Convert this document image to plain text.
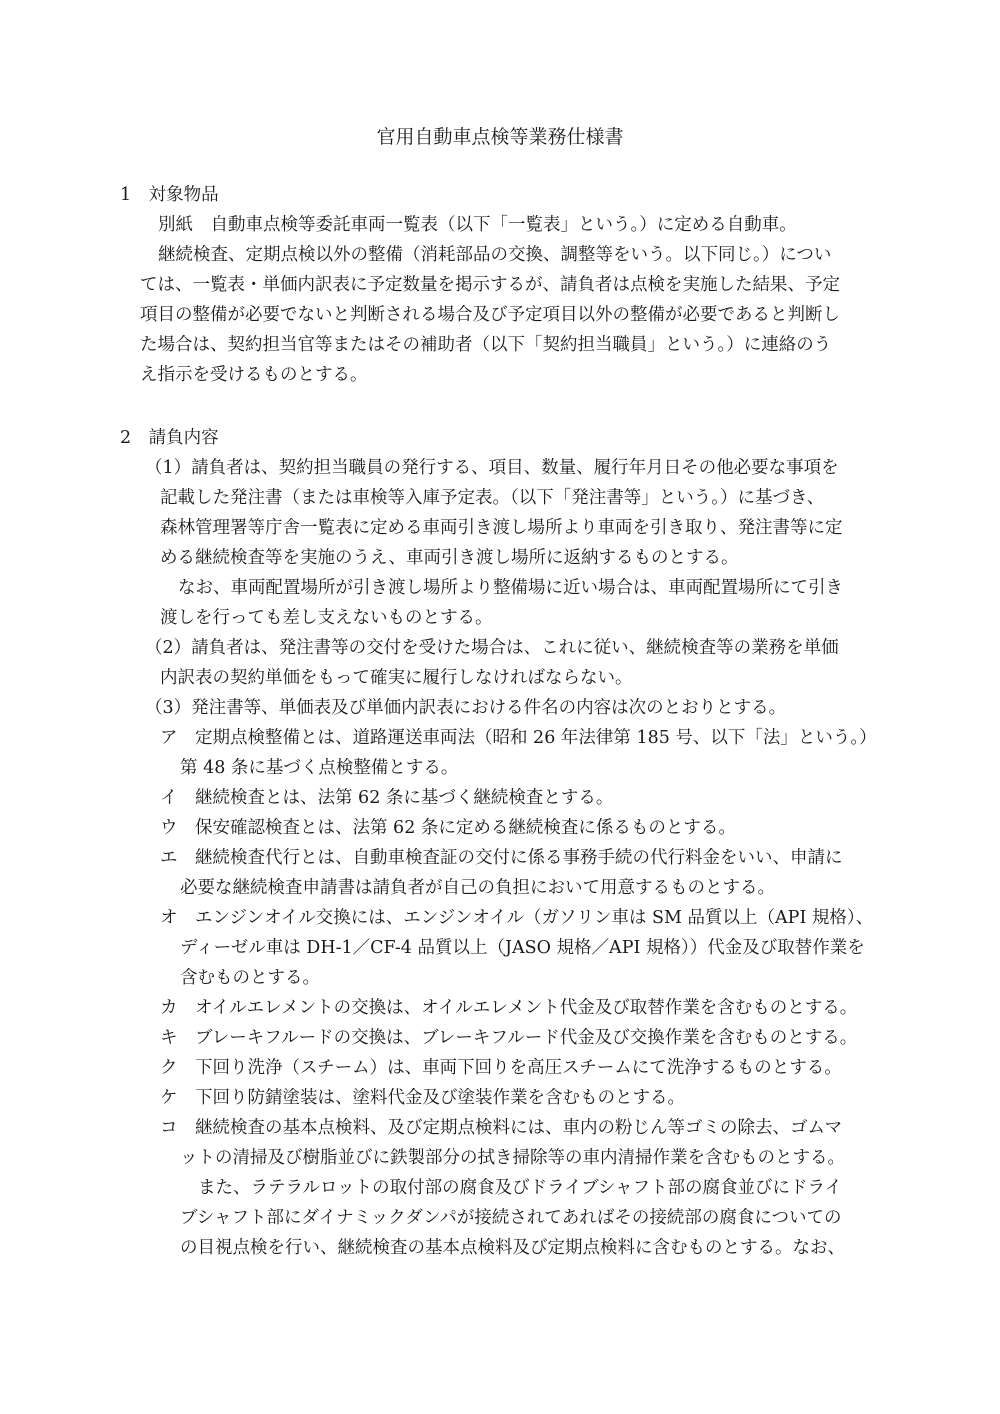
官用自動車点検等業務仕様書
1　対象物品
別紙　自動車点検等委託車両一覧表（以下「一覧表」という。）に定める自動車。
継続検査、定期点検以外の整備（消耗部品の交換、調整等をいう。以下同じ。）につい
ては、一覧表・単価内訳表に予定数量を掲示するが、請負者は点検を実施した結果、予定
項目の整備が必要でないと判断される場合及び予定項目以外の整備が必要であると判断し
た場合は、契約担当官等またはその補助者（以下「契約担当職員」という。）に連絡のう
え指示を受けるものとする。
2　請負内容
（1）請負者は、契約担当職員の発行する、項目、数量、履行年月日その他必要な事項を
記載した発注書（または車検等入庫予定表。（以下「発注書等」という。）に基づき、
森林管理署等庁舎一覧表に定める車両引き渡し場所より車両を引き取り、発注書等に定
める継続検査等を実施のうえ、車両引き渡し場所に返納するものとする。
なお、車両配置場所が引き渡し場所より整備場に近い場合は、車両配置場所にて引き
渡しを行っても差し支えないものとする。
（2）請負者は、発注書等の交付を受けた場合は、これに従い、継続検査等の業務を単価
内訳表の契約単価をもって確実に履行しなければならない。
（3）発注書等、単価表及び単価内訳表における件名の内容は次のとおりとする。
ア　定期点検整備とは、道路運送車両法（昭和 26 年法律第 185 号、以下「法」という。）
第 48 条に基づく点検整備とする。
イ　継続検査とは、法第 62 条に基づく継続検査とする。
ウ　保安確認検査とは、法第 62 条に定める継続検査に係るものとする。
エ　継続検査代行とは、自動車検査証の交付に係る事務手続の代行料金をいい、申請に
必要な継続検査申請書は請負者が自己の負担において用意するものとする。
オ　エンジンオイル交換には、エンジンオイル（ガソリン車は SM 品質以上（API 規格）、
ディーゼル車は DH-1／CF-4 品質以上（JASO 規格／API 規格））代金及び取替作業を
含むものとする。
カ　オイルエレメントの交換は、オイルエレメント代金及び取替作業を含むものとする。
キ　ブレーキフルードの交換は、ブレーキフルード代金及び交換作業を含むものとする。
ク　下回り洗浄（スチーム）は、車両下回りを高圧スチームにて洗浄するものとする。
ケ　下回り防錆塗装は、塗料代金及び塗装作業を含むものとする。
コ　継続検査の基本点検料、及び定期点検料には、車内の粉じん等ゴミの除去、ゴムマ
ットの清掃及び樹脂並びに鉄製部分の拭き掃除等の車内清掃作業を含むものとする。
また、ラテラルロットの取付部の腐食及びドライブシャフト部の腐食並びにドライ
ブシャフト部にダイナミックダンパが接続されてあればその接続部の腐食についての
の目視点検を行い、継続検査の基本点検料及び定期点検料に含むものとする。なお、
